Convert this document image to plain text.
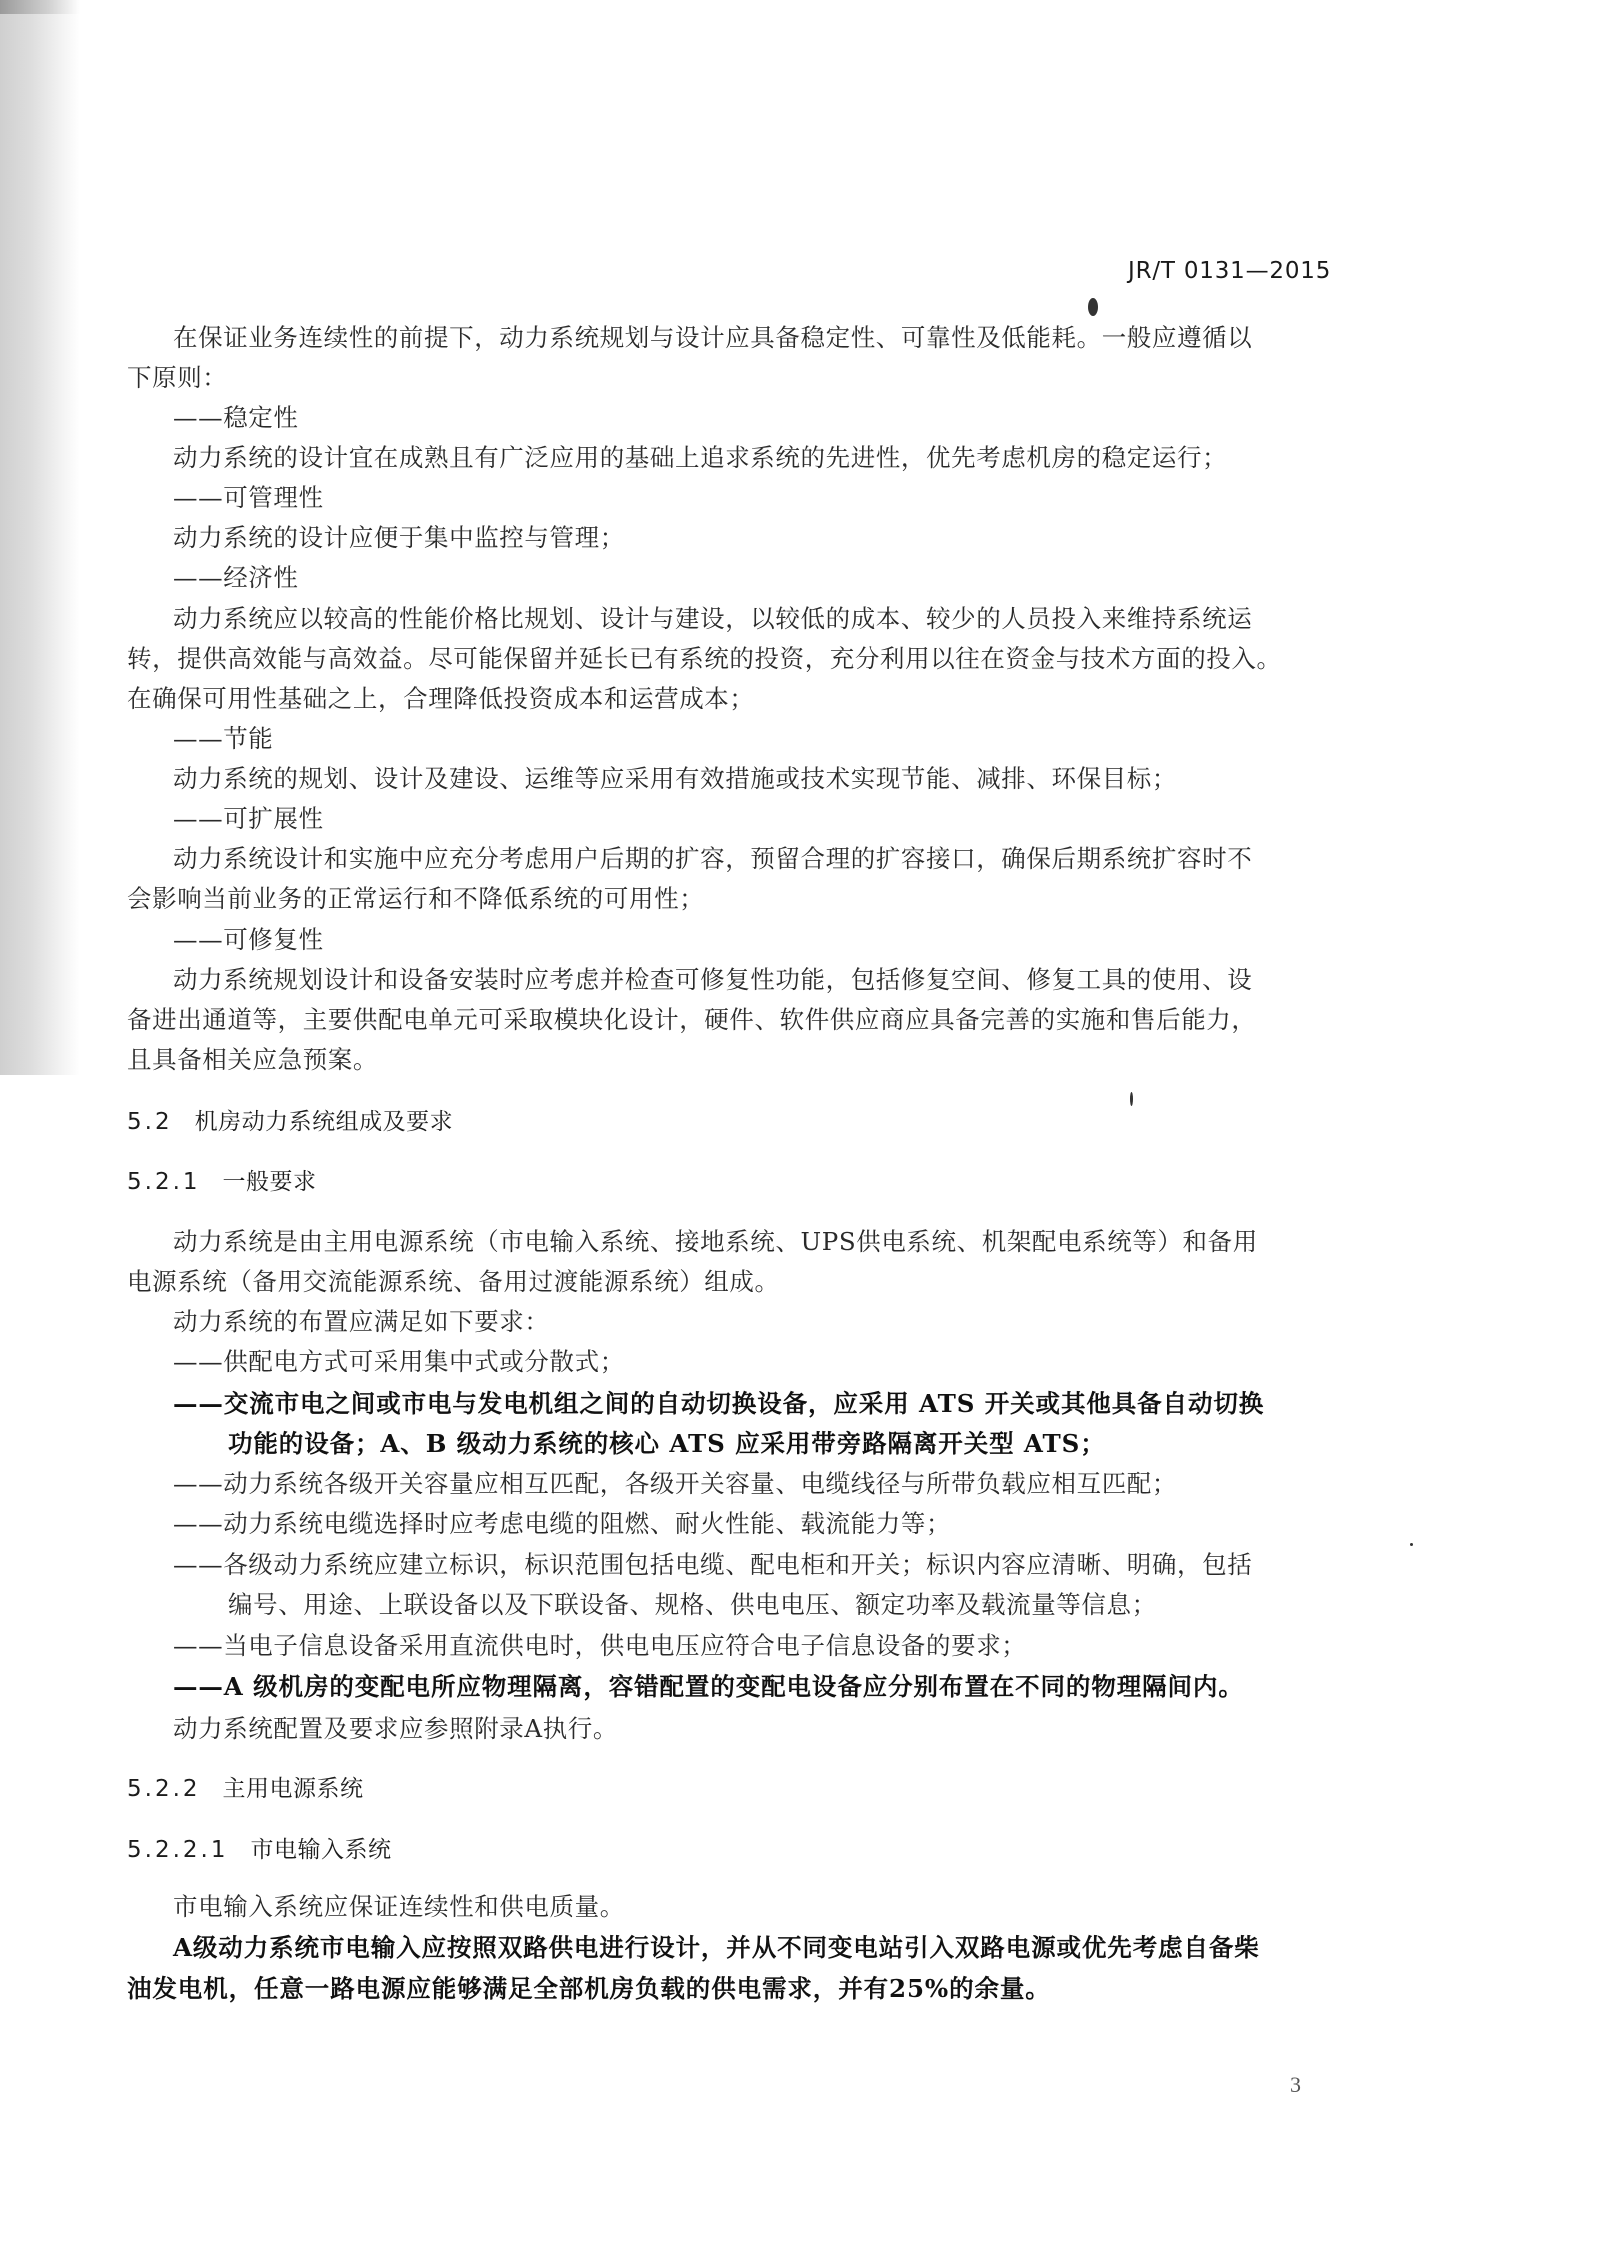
JR/T 0131—2015
在保证业务连续性的前提下，动力系统规划与设计应具备稳定性、可靠性及低能耗。一般应遵循以
下原则：
——稳定性
动力系统的设计宜在成熟且有广泛应用的基础上追求系统的先进性，优先考虑机房的稳定运行；
——可管理性
动力系统的设计应便于集中监控与管理；
——经济性
动力系统应以较高的性能价格比规划、设计与建设，以较低的成本、较少的人员投入来维持系统运
转，提供高效能与高效益。尽可能保留并延长已有系统的投资，充分利用以往在资金与技术方面的投入。
在确保可用性基础之上，合理降低投资成本和运营成本；
——节能
动力系统的规划、设计及建设、运维等应采用有效措施或技术实现节能、减排、环保目标；
——可扩展性
动力系统设计和实施中应充分考虑用户后期的扩容，预留合理的扩容接口，确保后期系统扩容时不
会影响当前业务的正常运行和不降低系统的可用性；
——可修复性
动力系统规划设计和设备安装时应考虑并检查可修复性功能，包括修复空间、修复工具的使用、设
备进出通道等，主要供配电单元可采取模块化设计，硬件、软件供应商应具备完善的实施和售后能力，
且具备相关应急预案。
动力系统是由主用电源系统（市电输入系统、接地系统、UPS供电系统、机架配电系统等）和备用
电源系统（备用交流能源系统、备用过渡能源系统）组成。
动力系统的布置应满足如下要求：
——供配电方式可采用集中式或分散式；
——交流市电之间或市电与发电机组之间的自动切换设备，应采用 ATS 开关或其他具备自动切换
功能的设备；A、B 级动力系统的核心 ATS 应采用带旁路隔离开关型 ATS；
——动力系统各级开关容量应相互匹配，各级开关容量、电缆线径与所带负载应相互匹配；
——动力系统电缆选择时应考虑电缆的阻燃、耐火性能、载流能力等；
——各级动力系统应建立标识，标识范围包括电缆、配电柜和开关；标识内容应清晰、明确，包括
编号、用途、上联设备以及下联设备、规格、供电电压、额定功率及载流量等信息；
——当电子信息设备采用直流供电时，供电电压应符合电子信息设备的要求；
——A 级机房的变配电所应物理隔离，容错配置的变配电设备应分别布置在不同的物理隔间内。
动力系统配置及要求应参照附录A执行。
市电输入系统应保证连续性和供电质量。
A级动力系统市电输入应按照双路供电进行设计，并从不同变电站引入双路电源或优先考虑自备柴
油发电机，任意一路电源应能够满足全部机房负载的供电需求，并有25%的余量。
5.2 机房动力系统组成及要求
5.2.1 一般要求
5.2.2 主用电源系统
5.2.2.1 市电输入系统
3
